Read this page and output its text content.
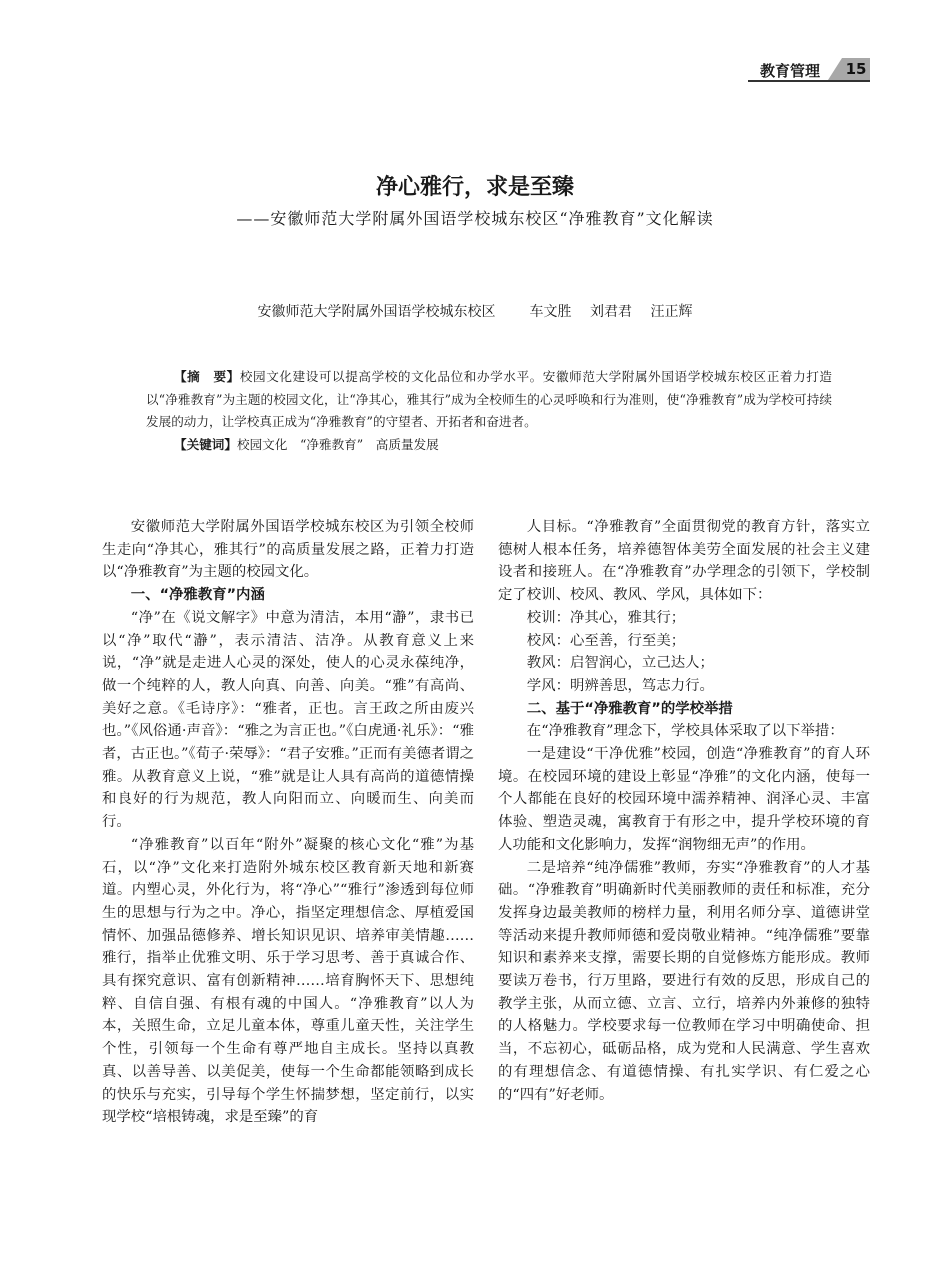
教育管理 15
净心雅行，求是至臻
——安徽师范大学附属外国语学校城东校区“净雅教育”文化解读
安徽师范大学附属外国语学校城东校区 车文胜 刘君君 汪正辉

【摘　要】校园文化建设可以提高学校的文化品位和办学水平。安徽师范大学附属外国语学校城东校区正着力打造以“净雅教育”为主题的校园文化，让“净其心，雅其行”成为全校师生的心灵呼唤和行为准则，使“净雅教育”成为学校可持续发展的动力，让学校真正成为“净雅教育”的守望者、开拓者和奋进者。

【关键词】校园文化　“净雅教育”　高质量发展

安徽师范大学附属外国语学校城东校区为引领全校师生走向“净其心，雅其行”的高质量发展之路，正着力打造以“净雅教育”为主题的校园文化。

一、“净雅教育”内涵

“净”在《说文解字》中意为清洁，本用“瀞”，隶书已以“净”取代“瀞”，表示清洁、洁净。从教育意义上来说，“净”就是走进人心灵的深处，使人的心灵永葆纯净，做一个纯粹的人，教人向真、向善、向美。“雅”有高尚、美好之意。《毛诗序》：“雅者，正也。言王政之所由废兴也。”《风俗通·声音》：“雅之为言正也。”《白虎通·礼乐》：“雅者，古正也。”《荀子·荣辱》：“君子安雅。”正而有美德者谓之雅。从教育意义上说，“雅”就是让人具有高尚的道德情操和良好的行为规范，教人向阳而立、向暖而生、向美而行。

“净雅教育”以百年“附外”凝聚的核心文化“雅”为基石，以“净”文化来打造附外城东校区教育新天地和新赛道。内塑心灵，外化行为，将“净心”“雅行”渗透到每位师生的思想与行为之中。净心，指坚定理想信念、厚植爱国情怀、加强品德修养、增长知识见识、培养审美情趣……雅行，指举止优雅文明、乐于学习思考、善于真诚合作、具有探究意识、富有创新精神……培育胸怀天下、思想纯粹、自信自强、有根有魂的中国人。“净雅教育”以人为本，关照生命，立足儿童本体，尊重儿童天性，关注学生个性，引领每一个生命有尊严地自主成长。坚持以真教真、以善导善、以美促美，使每一个生命都能领略到成长的快乐与充实，引导每个学生怀揣梦想，坚定前行，以实现学校“培根铸魂，求是至臻”的育

人目标。“净雅教育”全面贯彻党的教育方针，落实立德树人根本任务，培养德智体美劳全面发展的社会主义建设者和接班人。在“净雅教育”办学理念的引领下，学校制定了校训、校风、教风、学风，具体如下：

校训：净其心，雅其行；

校风：心至善，行至美；

教风：启智润心，立己达人；

学风：明辨善思，笃志力行。

二、基于“净雅教育”的学校举措

在“净雅教育”理念下，学校具体采取了以下举措：

一是建设“干净优雅”校园，创造“净雅教育”的育人环境。在校园环境的建设上彰显“净雅”的文化内涵，使每一个人都能在良好的校园环境中濡养精神、润泽心灵、丰富体验、塑造灵魂，寓教育于有形之中，提升学校环境的育人功能和文化影响力，发挥“润物细无声”的作用。

二是培养“纯净儒雅”教师，夯实“净雅教育”的人才基础。“净雅教育”明确新时代美丽教师的责任和标准，充分发挥身边最美教师的榜样力量，利用名师分享、道德讲堂等活动来提升教师师德和爱岗敬业精神。“纯净儒雅”要靠知识和素养来支撑，需要长期的自觉修炼方能形成。教师要读万卷书，行万里路，要进行有效的反思，形成自己的教学主张，从而立德、立言、立行，培养内外兼修的独特的人格魅力。学校要求每一位教师在学习中明确使命、担当，不忘初心，砥砺品格，成为党和人民满意、学生喜欢的有理想信念、有道德情操、有扎实学识、有仁爱之心的“四有”好老师。
